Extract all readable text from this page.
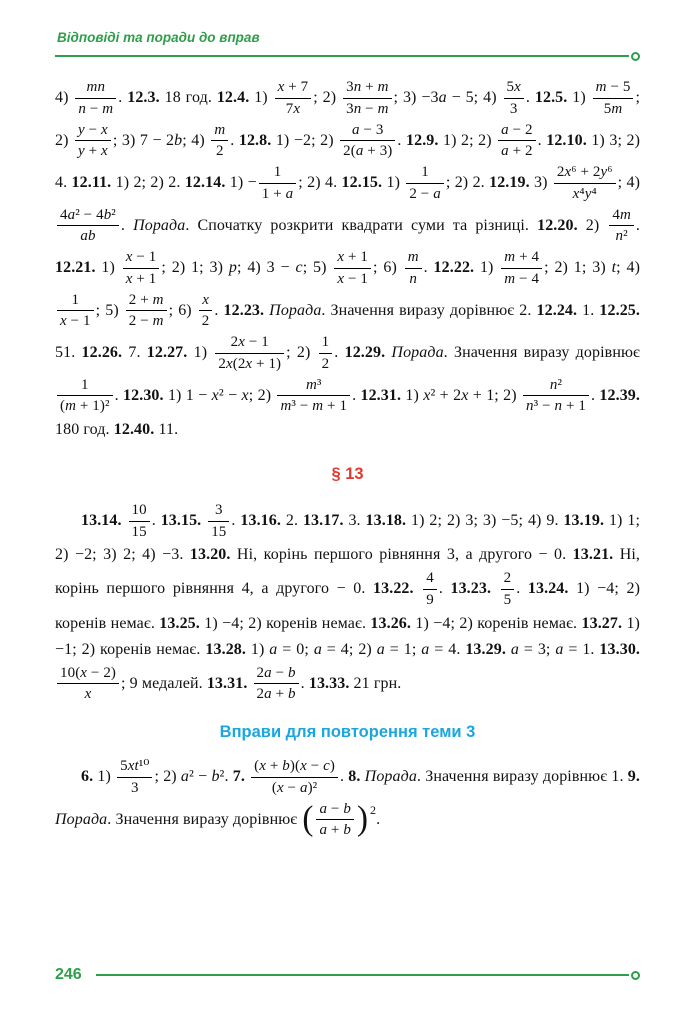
Відповіді та поради до вправ

$4) \frac{mn}{n - m}$ . 12.3. 18 год. 12.4. $1) \frac{x + 7}{7x}$ ; $2) \frac{3n + m}{3n - m}$ ; 3) −3a − 5; $4) \frac{5x}{3}$ . 12.5. $1) \frac{m - 5}{5m}$ ; $2) \frac{y - x}{y + x}$ ; 3) 7 − 2b; $4) \frac{m}{2}$ . 12.8. 1) −2; $2) \frac{a - 3}{2(a + 3)}$ . 12.9. 1) 2; $2) \frac{a - 2}{a + 2}$ . 12.10. 1) 3; 2) 4. 12.11. 1) 2; 2) 2. 12.14. $1) - \frac{1}{1 + a}$ ; 2) 4. 12.15. $1) \frac{1}{2 - a}$ ; 2) 2. 12.19. $3) \frac{\text{2x⁶ + 2y⁶}}{\text{x⁴y⁴}}$ ; 4)
$\frac{\text{4a² − 4b²}}{ab}$ . Порада. Спочатку розкрити квадрати суми та різниці. 12.20. $2) \frac{4m}{\text{n²}}$ . 12.21. $1) \frac{x - 1}{x + 1}$ ; 2) 1; 3) p; 4) 3 − c; $5) \frac{x + 1}{x - 1}$ ; $6) \frac{m}{n}$ . 12.22. $1) \frac{m + 4}{m - 4}$ ; 2) 1; 3) t; 4)
$\frac{1}{x - 1}$ ; $5) \frac{2 + m}{2 - m}$ ; $6) \frac{x}{2}$ . 12.23. Порада. Значення виразу дорівнює 2. 12.24. 1. 12.25. 51. 12.26. 7. 12.27. $1) \frac{2x - 1}{2x(2x + 1)}$ ; $2) \frac{1}{2}$ . 12.29. Порада. Значення виразу дорівнює
$\frac{1}{\text{(m + 1)²}}$ . 12.30. 1) 1 − x² − x; $2) \frac{\text{m³}}{\text{m³ − m + 1}}$ . 12.31. 1) x² + 2x + 1; $2) \frac{\text{n²}}{\text{n³ − n + 1}}$ . 12.39. 180 год. 12.40. 11.

§ 13

13.14. $\frac{10}{15}$ . 13.15. $\frac{3}{15}$ . 13.16. 2. 13.17. 3. 13.18. 1) 2; 2) 3; 3) −5; 4) 9. 13.19. 1) 1; 2) −2; 3) 2; 4) −3. 13.20. Ні, корінь першого рівняння 3, а другого − 0. 13.21. Ні, корінь першого рівняння 4, а другого − 0. 13.22. $\frac{4}{9}$ . 13.23. $\frac{2}{5}$ . 13.24. 1) −4; 2) коренів немає. 13.25. 1) −4; 2) коренів немає. 13.26. 1) −4; 2) коренів немає. 13.27. 1) −1; 2) коренів немає. 13.28. 1) a = 0; a = 4; 2) a = 1; a = 4. 13.29. a = 3; a = 1. 13.30.
$\frac{10(x - 2)}{x}$ ; 9 медалей. 13.31. $\frac{2a - b}{2a + b}$ . 13.33. 21 грн.

Вправи для повторення теми 3

6. $1) \frac{\text{5xt¹⁰}}{3}$ ; 2) a² − b². 7. $\frac{(x + b)(x - c)}{\text{(x − a)²}}$ . 8. Порада. Значення виразу дорівнює 1. 9. Порада. Значення виразу дорівнює ( $\frac{a - b}{a + b}$ ) 2
.

246
